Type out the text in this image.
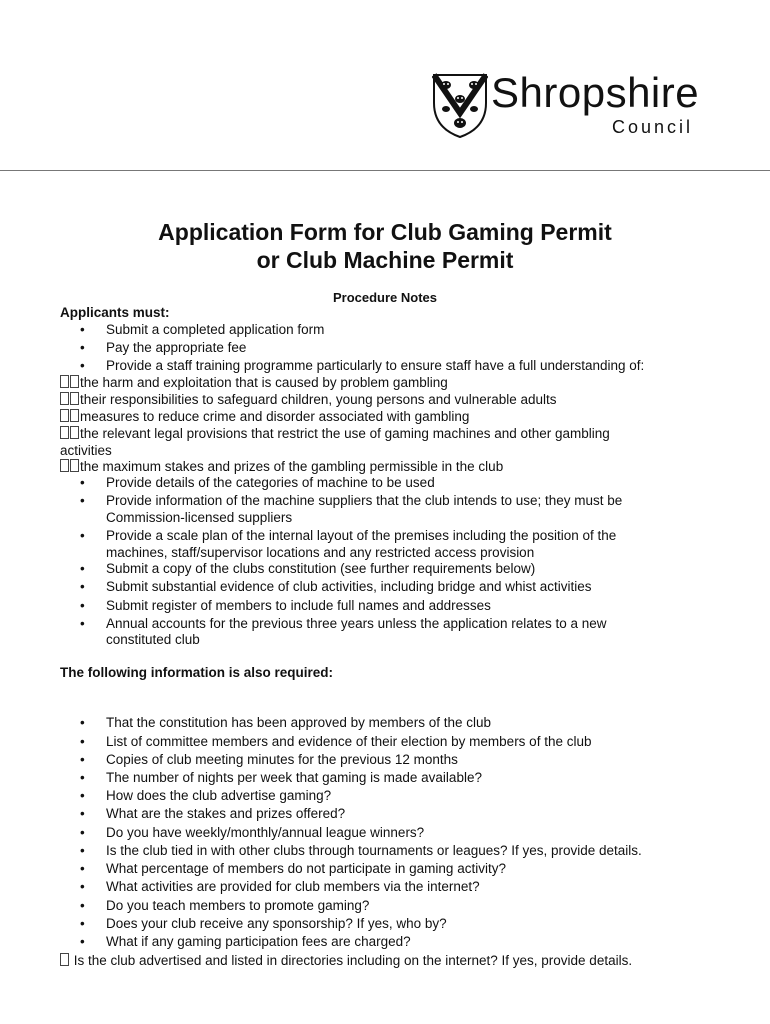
Shropshire
Council
Application Form for Club Gaming Permit
or Club Machine Permit
Procedure Notes
Applicants must:
• Submit a completed application form
• Pay the appropriate fee
• Provide a staff training programme particularly to ensure staff have a full understanding of:
the harm and exploitation that is caused by problem gambling
their responsibilities to safeguard children, young persons and vulnerable adults
measures to reduce crime and disorder associated with gambling
the relevant legal provisions that restrict the use of gaming machines and other gambling
activities
the maximum stakes and prizes of the gambling permissible in the club
• Provide details of the categories of machine to be used
• Provide information of the machine suppliers that the club intends to use; they must be
Commission-licensed suppliers
• Provide a scale plan of the internal layout of the premises including the position of the
machines, staff/supervisor locations and any restricted access provision
• Submit a copy of the clubs constitution (see further requirements below)
• Submit substantial evidence of club activities, including bridge and whist activities
• Submit register of members to include full names and addresses
• Annual accounts for the previous three years unless the application relates to a new
constituted club
The following information is also required:
• That the constitution has been approved by members of the club
• List of committee members and evidence of their election by members of the club
• Copies of club meeting minutes for the previous 12 months
• The number of nights per week that gaming is made available?
• How does the club advertise gaming?
• What are the stakes and prizes offered?
• Do you have weekly/monthly/annual league winners?
• Is the club tied in with other clubs through tournaments or leagues? If yes, provide details.
• What percentage of members do not participate in gaming activity?
• What activities are provided for club members via the internet?
• Do you teach members to promote gaming?
• Does your club receive any sponsorship? If yes, who by?
• What if any gaming participation fees are charged?
Is the club advertised and listed in directories including on the internet? If yes, provide details.
